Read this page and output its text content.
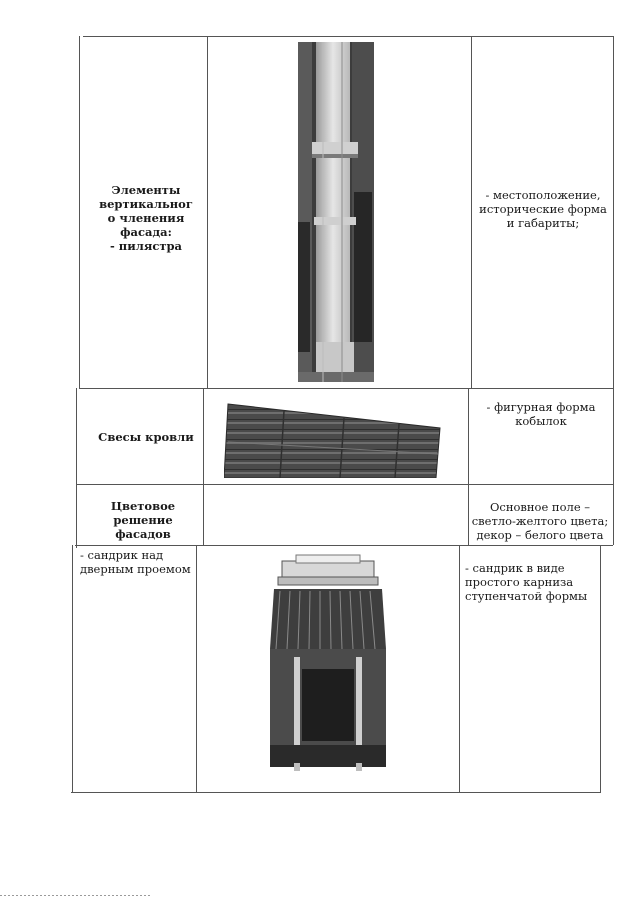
Элементы
вертикальног
о членения
фасада:
- пилястра
- местоположение,
исторические форма
и габариты;
Свесы кровли
- фигурная форма
кобылок
Цветовое
решение
фасадов
Основное поле –
светло-желтого цвета;
декор – белого цвета
- сандрик над
дверным проемом	- сандрик в виде
простого карниза
ступенчатой формы
